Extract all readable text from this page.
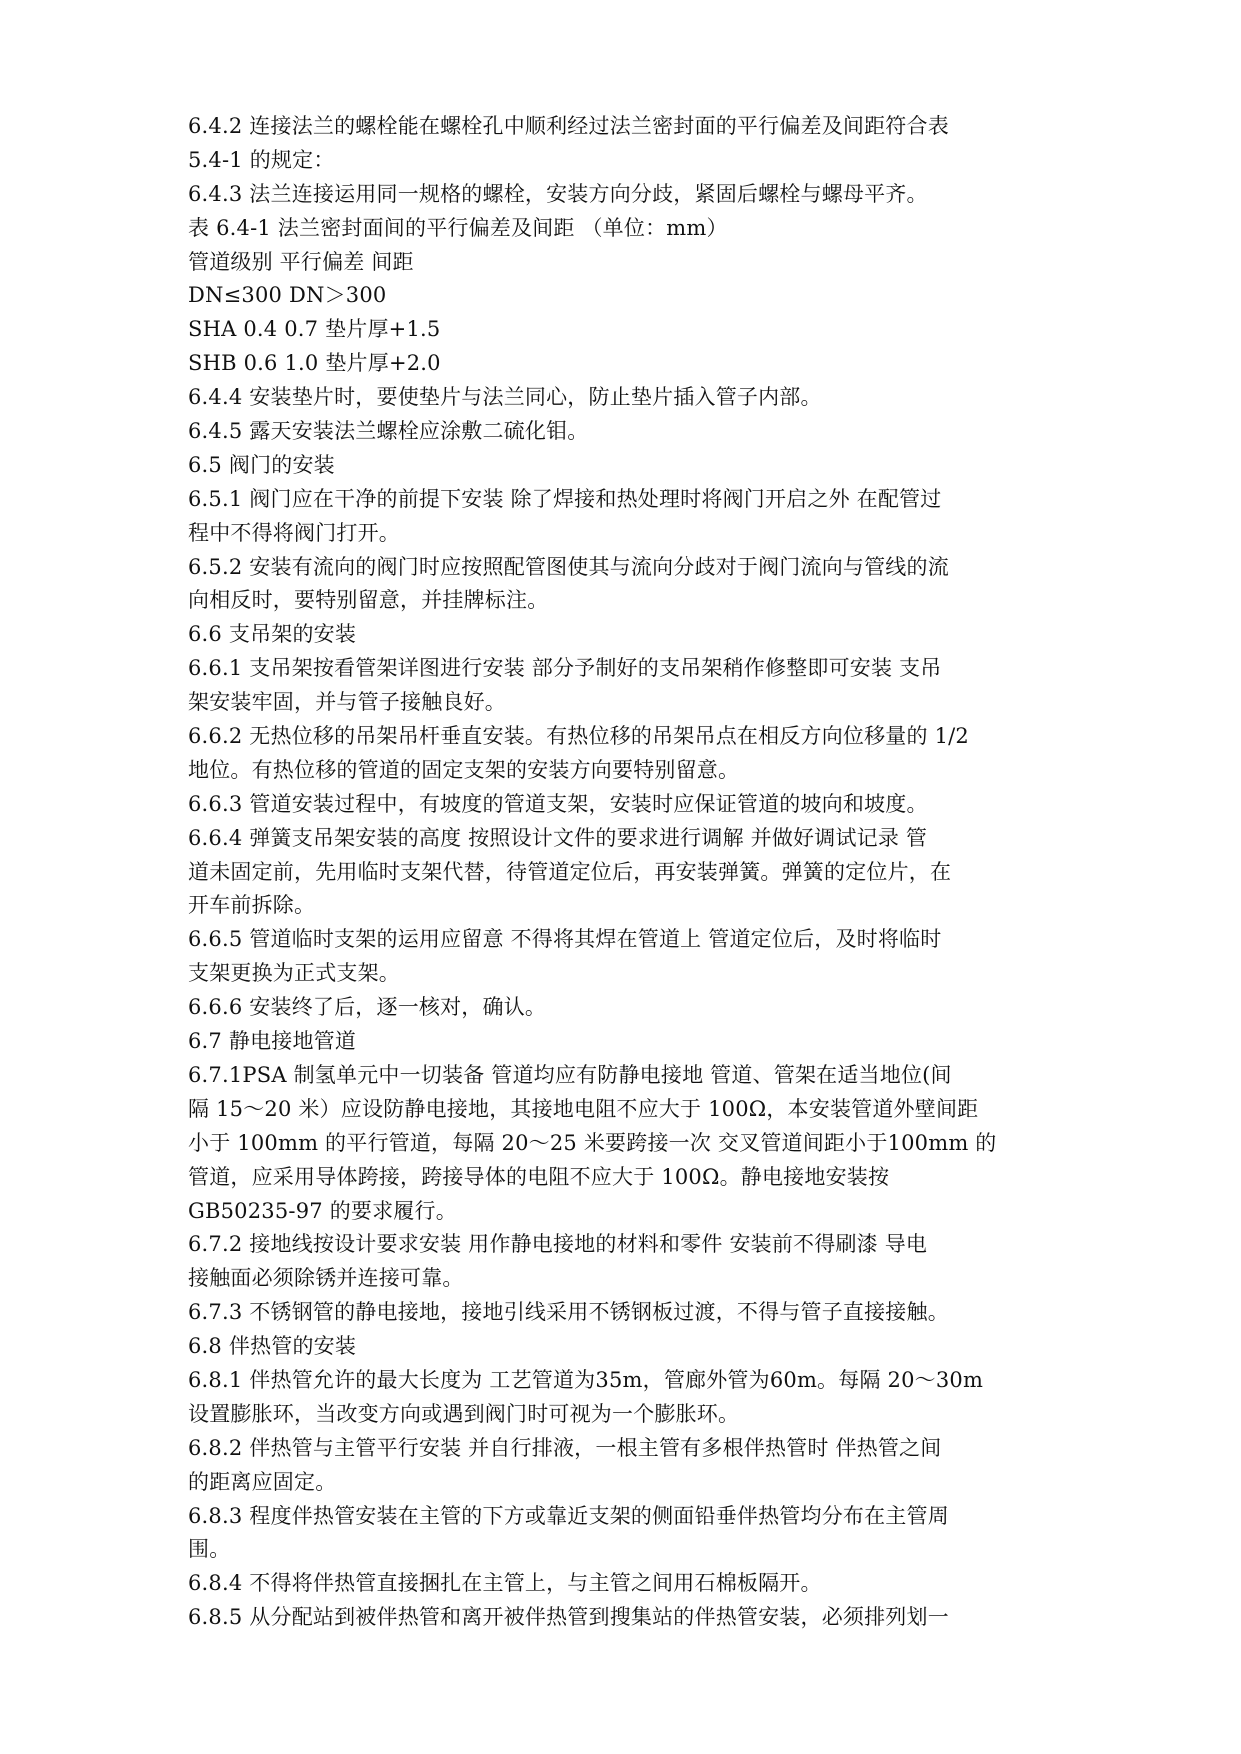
6.4.2 连接法兰的螺栓能在螺栓孔中顺利经过法兰密封面的平行偏差及间距符合表
5.4-1 的规定：
6.4.3 法兰连接运用同一规格的螺栓，安装方向分歧，紧固后螺栓与螺母平齐。
表 6.4-1 法兰密封面间的平行偏差及间距 （单位：mm）
管道级别 平行偏差 间距
DN≤300 DN＞300
SHA 0.4 0.7 垫片厚+1.5
SHB 0.6 1.0 垫片厚+2.0
6.4.4 安装垫片时，要使垫片与法兰同心，防止垫片插入管子内部。
6.4.5 露天安装法兰螺栓应涂敷二硫化钼。
6.5 阀门的安装
6.5.1 阀门应在干净的前提下安装 除了焊接和热处理时将阀门开启之外 在配管过
程中不得将阀门打开。
6.5.2 安装有流向的阀门时应按照配管图使其与流向分歧对于阀门流向与管线的流
向相反时，要特别留意，并挂牌标注。
6.6 支吊架的安装
6.6.1 支吊架按看管架详图进行安装 部分予制好的支吊架稍作修整即可安装 支吊
架安装牢固，并与管子接触良好。
6.6.2 无热位移的吊架吊杆垂直安装。有热位移的吊架吊点在相反方向位移量的 1/2
地位。有热位移的管道的固定支架的安装方向要特别留意。
6.6.3 管道安装过程中，有坡度的管道支架，安装时应保证管道的坡向和坡度。
6.6.4 弹簧支吊架安装的高度 按照设计文件的要求进行调解 并做好调试记录 管
道未固定前，先用临时支架代替，待管道定位后，再安装弹簧。弹簧的定位片，在
开车前拆除。
6.6.5 管道临时支架的运用应留意 不得将其焊在管道上 管道定位后，及时将临时
支架更换为正式支架。
6.6.6 安装终了后，逐一核对，确认。
6.7 静电接地管道
6.7.1PSA 制氢单元中一切装备 管道均应有防静电接地 管道、管架在适当地位(间
隔 15～20 米）应设防静电接地，其接地电阻不应大于 100Ω，本安装管道外壁间距
小于 100mm 的平行管道，每隔 20～25 米要跨接一次 交叉管道间距小于100mm 的
管道，应采用导体跨接，跨接导体的电阻不应大于 100Ω。静电接地安装按
GB50235-97 的要求履行。
6.7.2 接地线按设计要求安装 用作静电接地的材料和零件 安装前不得刷漆 导电
接触面必须除锈并连接可靠。
6.7.3 不锈钢管的静电接地，接地引线采用不锈钢板过渡，不得与管子直接接触。
6.8 伴热管的安装
6.8.1 伴热管允许的最大长度为 工艺管道为35m，管廊外管为60m。每隔 20～30m
设置膨胀环，当改变方向或遇到阀门时可视为一个膨胀环。
6.8.2 伴热管与主管平行安装 并自行排液，一根主管有多根伴热管时 伴热管之间
的距离应固定。
6.8.3 程度伴热管安装在主管的下方或靠近支架的侧面铅垂伴热管均分布在主管周
围。
6.8.4 不得将伴热管直接捆扎在主管上，与主管之间用石棉板隔开。
6.8.5 从分配站到被伴热管和离开被伴热管到搜集站的伴热管安装，必须排列划一
